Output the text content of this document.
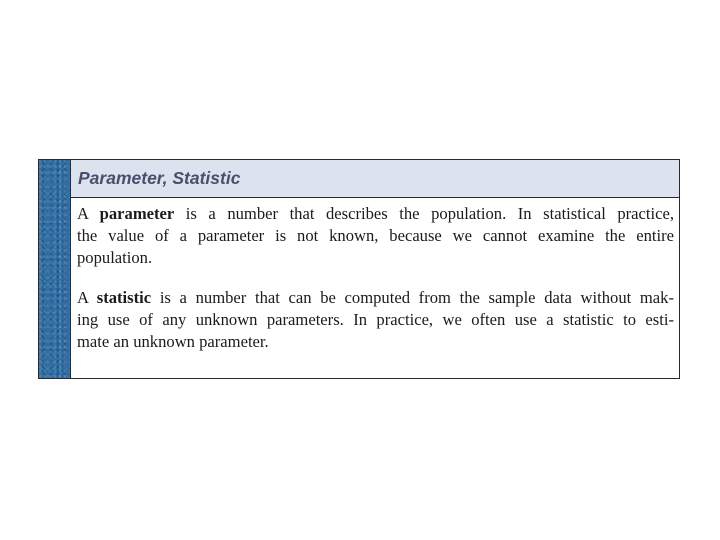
Parameter, Statistic
A parameter is a number that describes the population. In statistical practice,
the value of a parameter is not known, because we cannot examine the entire
population.
A statistic is a number that can be computed from the sample data without mak-
ing use of any unknown parameters. In practice, we often use a statistic to esti-
mate an unknown parameter.
